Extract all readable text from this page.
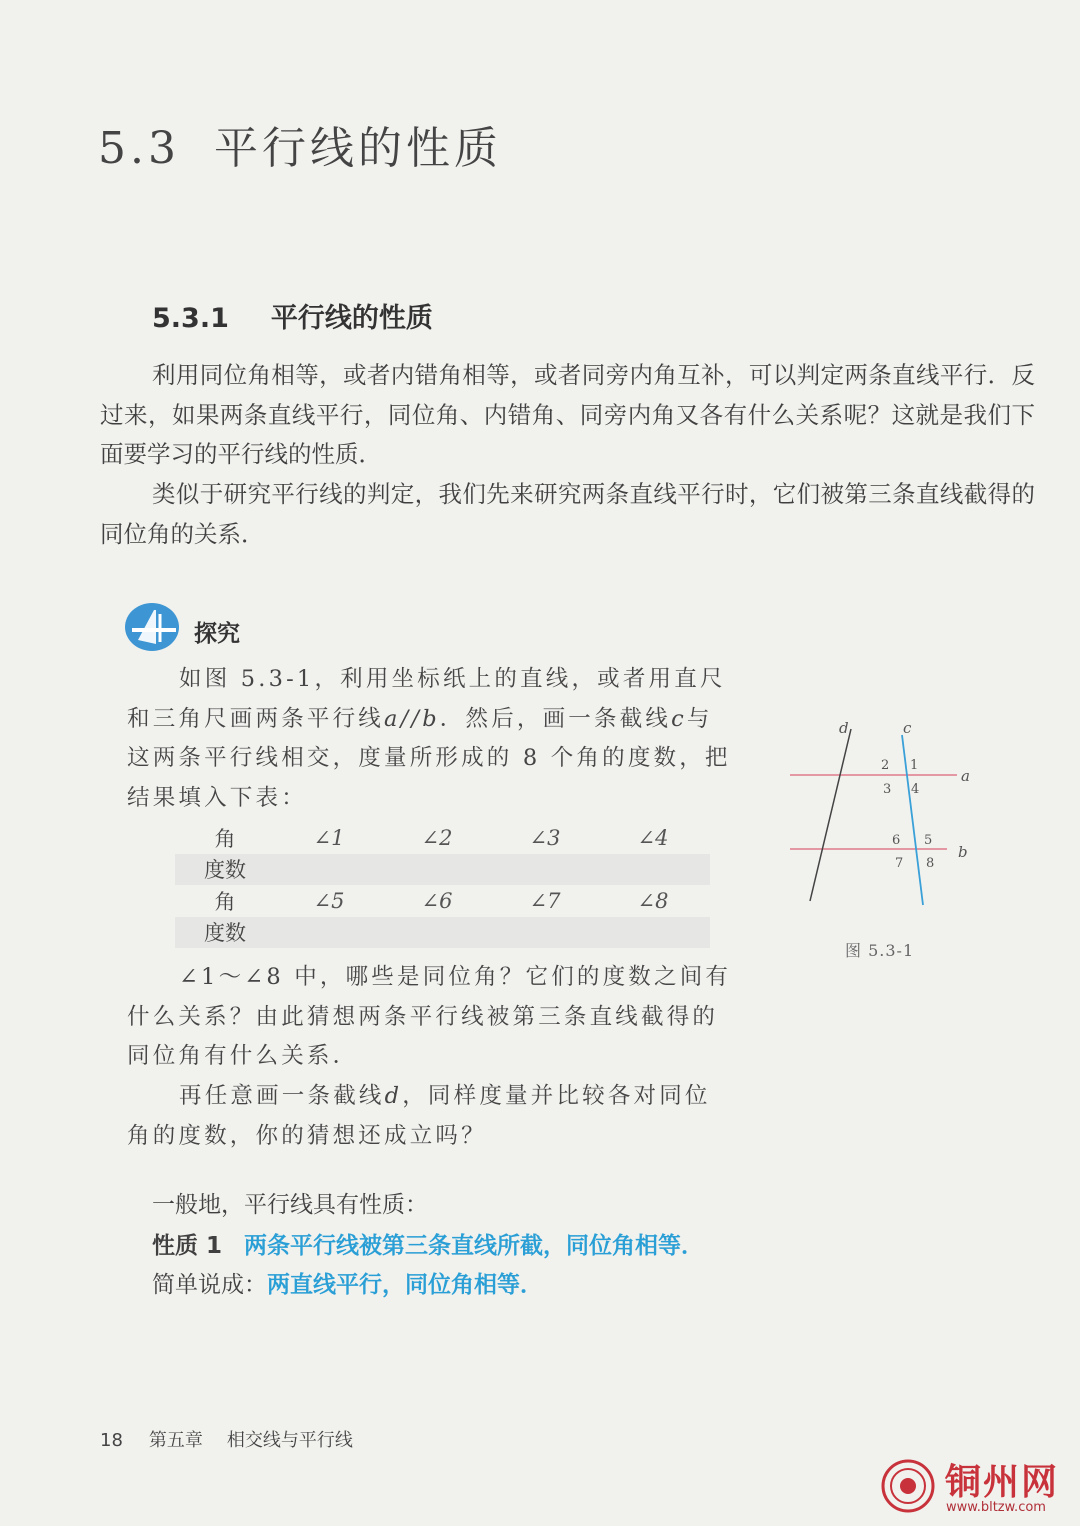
5.3 平行线的性质
5.3.1 平行线的性质
利用同位角相等，或者内错角相等，或者同旁内角互补，可以判定两条直线平行．反过来，如果两条直线平行，同位角、内错角、同旁内角又各有什么关系呢？这就是我们下面要学习的平行线的性质．
类似于研究平行线的判定，我们先来研究两条直线平行时，它们被第三条直线截得的同位角的关系．
探究
如图 5.3-1，利用坐标纸上的直线，或者用直尺和三角尺画两条平行线a//b．然后，画一条截线c与这两条平行线相交，度量所形成的 8 个角的度数，把结果填入下表：
角	∠1	∠2	∠3	∠4
度数
角	∠5	∠6	∠7	∠8
度数
d	c
a
b
2 1
3 4
6 5
7 8
图 5.3-1
∠1～∠8 中，哪些是同位角？它们的度数之间有什么关系？由此猜想两条平行线被第三条直线截得的同位角有什么关系．
再任意画一条截线d，同样度量并比较各对同位角的度数，你的猜想还成立吗？
一般地，平行线具有性质：
性质 1 两条平行线被第三条直线所截，同位角相等．
简单说成：两直线平行，同位角相等．
18 第五章 相交线与平行线
铜州网
www.bltzw.com
